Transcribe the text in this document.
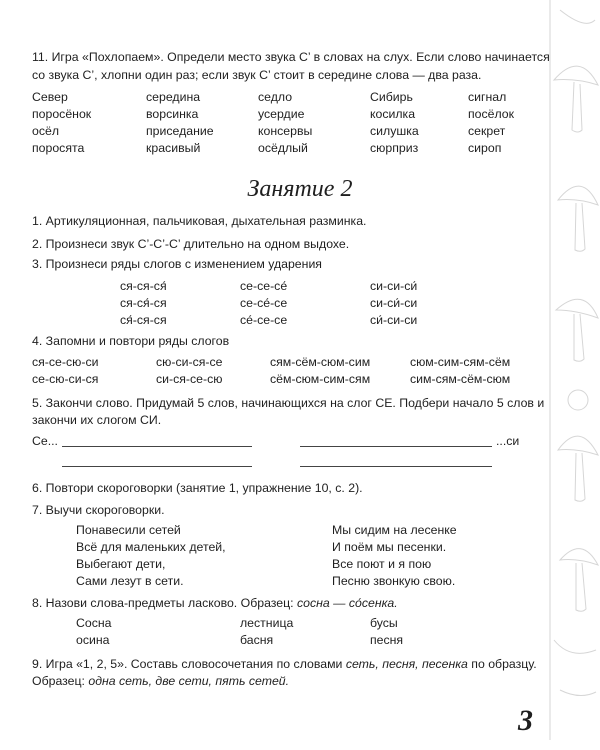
11. Игра «Похлопаем». Определи место звука С’ в словах на слух. Если слово начинается
со звука С’, хлопни один раз; если звук С’ стоит в середине слова — два раза.
Север	середина	седло	Сибирь	сигнал
поросёнок	ворсинка	усердие	косилка	посёлок
осёл	приседание	консервы	силушка	секрет
поросята	красивый	осёдлый	сюрприз	сироп
Занятие 2
1. Артикуляционная, пальчиковая, дыхательная разминка.
2. Произнеси звук С’-С’-С’ длительно на одном выдохе.
3. Произнеси ряды слогов с изменением ударения
ся-ся-ся́	се-се-се́	си-си-си́
ся-ся́-ся	се-се́-се	си-си́-си
ся́-ся-ся	се́-се-се	си́-си-си
4. Запомни и повтори ряды слогов
ся-се-сю-си	сю-си-ся-се	сям-сём-сюм-сим	сюм-сим-сям-сём
се-сю-си-ся	си-ся-се-сю	сём-сюм-сим-сям	сим-сям-сём-сюм
5. Закончи слово. Придумай 5 слов, начинающихся на слог СЕ. Подбери начало 5 слов и
закончи их слогом СИ.
Се...	...си
6. Повтори скороговорки (занятие 1, упражнение 10, с. 2).
7. Выучи скороговорки.
Понавесили сетей
Всё для маленьких детей,
Выбегают дети,
Сами лезут в сети.
Мы сидим на лесенке
И поём мы песенки.
Все поют и я пою
Песню звонкую свою.
8. Назови слова-предметы ласково. Образец: сосна — со́сенка.
Сосна	лестница	бусы
осина	басня	песня
9. Игра «1, 2, 5». Составь словосочетания по словами сеть, песня, песенка по образцу.
Образец: одна сеть, две сети, пять сетей.
3
